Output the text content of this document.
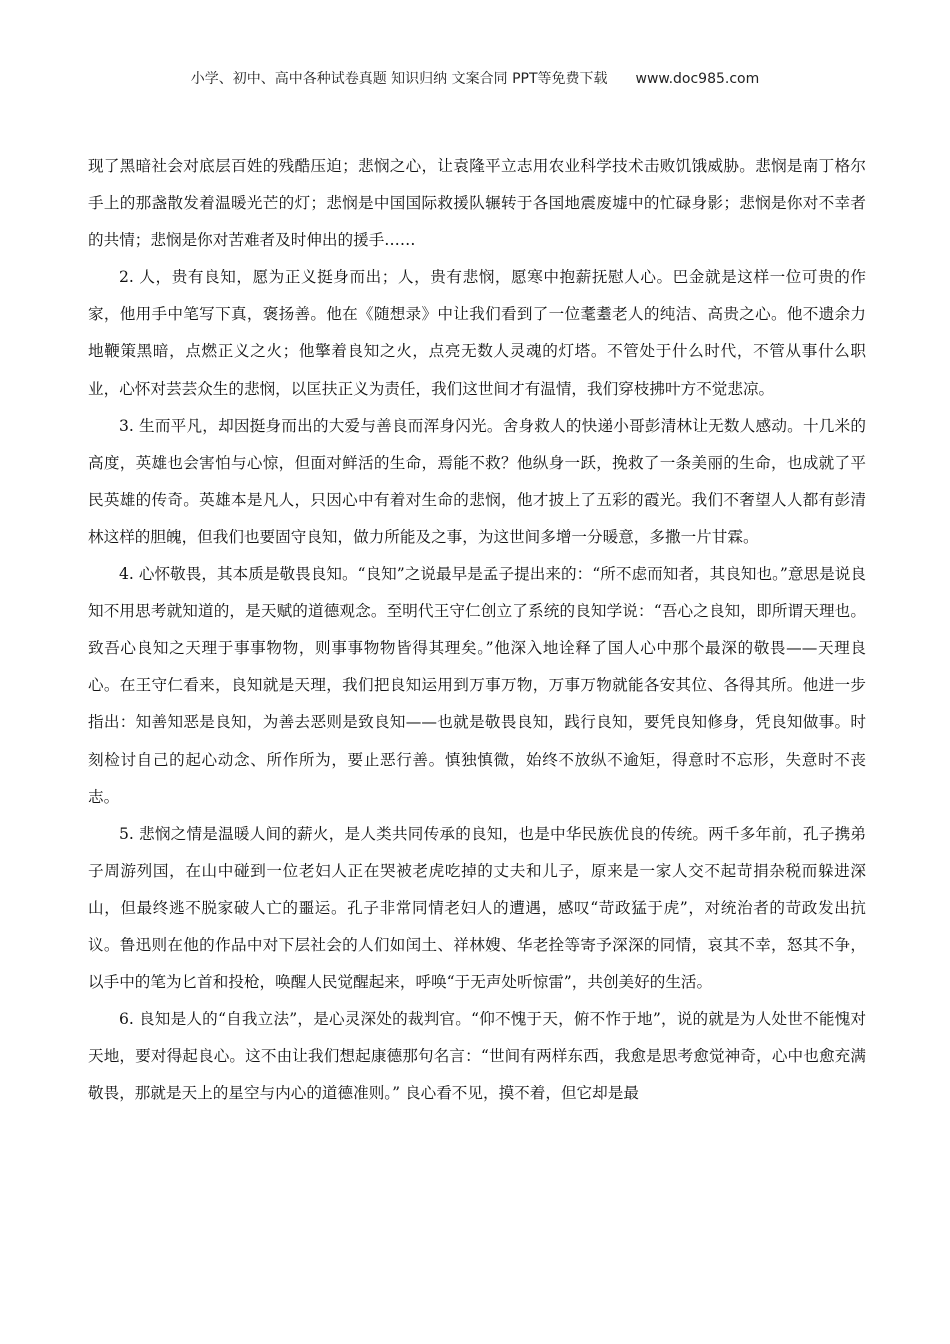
小学、初中、高中各种试卷真题 知识归纳 文案合同 PPT等免费下载 www.doc985.com

现了黑暗社会对底层百姓的残酷压迫；悲悯之心，让袁隆平立志用农业科学技术击败饥饿威胁。悲悯是南丁格尔手上的那盏散发着温暖光芒的灯；悲悯是中国国际救援队辗转于各国地震废墟中的忙碌身影；悲悯是你对不幸者的共情；悲悯是你对苦难者及时伸出的援手……

2. 人，贵有良知，愿为正义挺身而出；人，贵有悲悯，愿寒中抱薪抚慰人心。巴金就是这样一位可贵的作家，他用手中笔写下真，褒扬善。他在《随想录》中让我们看到了一位耄耋老人的纯洁、高贵之心。他不遗余力地鞭策黑暗，点燃正义之火；他擎着良知之火，点亮无数人灵魂的灯塔。不管处于什么时代，不管从事什么职业，心怀对芸芸众生的悲悯，以匡扶正义为责任，我们这世间才有温情，我们穿枝拂叶方不觉悲凉。

3. 生而平凡，却因挺身而出的大爱与善良而浑身闪光。舍身救人的快递小哥彭清林让无数人感动。十几米的高度，英雄也会害怕与心惊，但面对鲜活的生命，焉能不救？他纵身一跃，挽救了一条美丽的生命，也成就了平民英雄的传奇。英雄本是凡人，只因心中有着对生命的悲悯，他才披上了五彩的霞光。我们不奢望人人都有彭清林这样的胆魄，但我们也要固守良知，做力所能及之事，为这世间多增一分暖意，多撒一片甘霖。

4. 心怀敬畏，其本质是敬畏良知。“良知”之说最早是孟子提出来的：“所不虑而知者，其良知也。”意思是说良知不用思考就知道的，是天赋的道德观念。至明代王守仁创立了系统的良知学说：“吾心之良知，即所谓天理也。致吾心良知之天理于事事物物，则事事物物皆得其理矣。”他深入地诠释了国人心中那个最深的敬畏——天理良心。在王守仁看来，良知就是天理，我们把良知运用到万事万物，万事万物就能各安其位、各得其所。他进一步指出：知善知恶是良知，为善去恶则是致良知——也就是敬畏良知，践行良知，要凭良知修身，凭良知做事。时刻检讨自己的起心动念、所作所为，要止恶行善。慎独慎微，始终不放纵不逾矩，得意时不忘形，失意时不丧志。

5. 悲悯之情是温暖人间的薪火，是人类共同传承的良知，也是中华民族优良的传统。两千多年前，孔子携弟子周游列国，在山中碰到一位老妇人正在哭被老虎吃掉的丈夫和儿子，原来是一家人交不起苛捐杂税而躲进深山，但最终逃不脱家破人亡的噩运。孔子非常同情老妇人的遭遇，感叹“苛政猛于虎”，对统治者的苛政发出抗议。鲁迅则在他的作品中对下层社会的人们如闰土、祥林嫂、华老拴等寄予深深的同情，哀其不幸，怒其不争，以手中的笔为匕首和投枪，唤醒人民觉醒起来，呼唤“于无声处听惊雷”，共创美好的生活。

6. 良知是人的“自我立法”，是心灵深处的裁判官。“仰不愧于天，俯不怍于地”，说的就是为人处世不能愧对天地，要对得起良心。这不由让我们想起康德那句名言：“世间有两样东西，我愈是思考愈觉神奇，心中也愈充满敬畏，那就是天上的星空与内心的道德准则。” 良心看不见，摸不着，但它却是最
